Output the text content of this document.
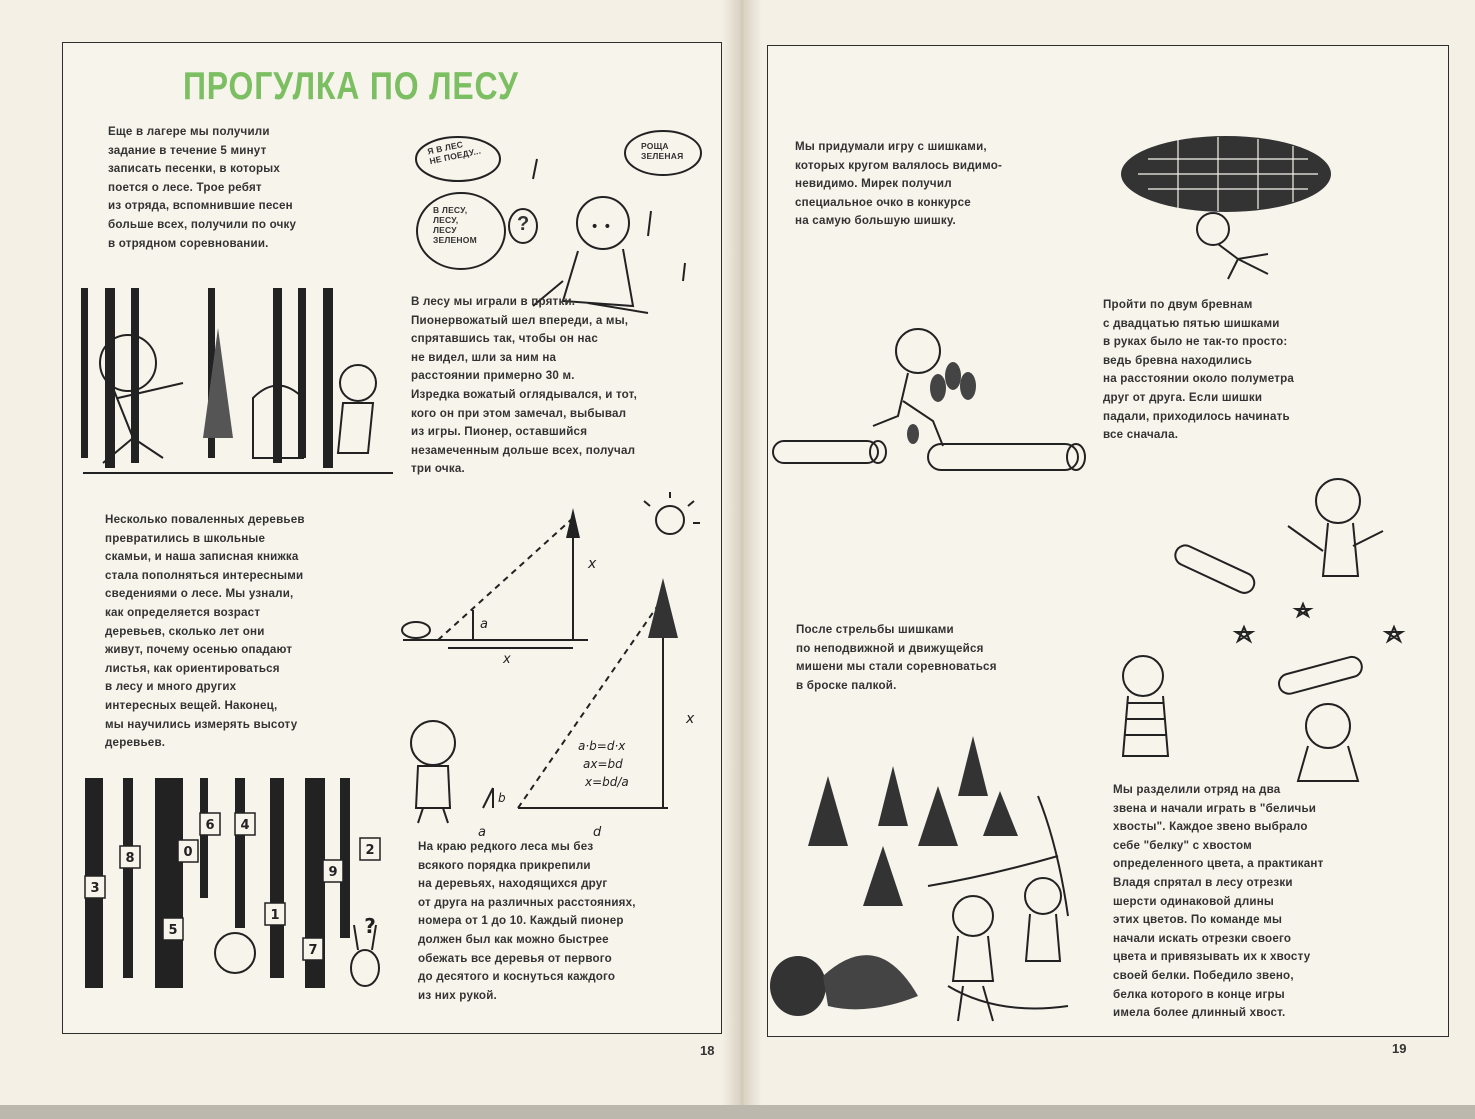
ПРОГУЛКА ПО ЛЕСУ
Еще в лагере мы получили
задание в течение 5 минут
записать песенки, в которых
поется о лесе. Трое ребят
из отряда, вспомнившие песен
больше всех, получили по очку
в отрядном соревновании.
• •
Я В ЛЕС
НЕ ПОЕДУ...	РОЩА
ЗЕЛЕНАЯ
В ЛЕСУ,
ЛЕСУ,
ЛЕСУ
ЗЕЛЕНОМ
?
В лесу мы играли в прятки.
Пионервожатый шел впереди, а мы,
спрятавшись так, чтобы он нас
не видел, шли за ним на
расстоянии примерно 30 м.
Изредка вожатый оглядывался, и тот,
кого он при этом замечал, выбывал
из игры. Пионер, оставшийся
незамеченным дольше всех, получал
три очка.
Несколько поваленных деревьев
превратились в школьные
скамьи, и наша записная книжка
стала пополняться интересными
сведениями о лесе. Мы узнали,
как определяется возраст
деревьев, сколько лет они
живут, почему осенью опадают
листья, как ориентироваться
в лесу и много других
интересных вещей. Наконец,
мы научились измерять высоту
деревьев.
x
a
x
x
b
a	d
a·b=d·x
ax=bd
x=bd/a
3
8
6 4
0	2
9
5
1
7
?
На краю редкого леса мы без
всякого порядка прикрепили
на деревьях, находящихся друг
от друга на различных расстояниях,
номера от 1 до 10. Каждый пионер
должен был как можно быстрее
обежать все деревья от первого
до десятого и коснуться каждого
из них рукой.
18
Мы придумали игру с шишками,
которых кругом валялось видимо-
невидимо. Мирек получил
специальное очко в конкурсе
на самую большую шишку.
Пройти по двум бревнам
с двадцатью пятью шишками
в руках было не так-то просто:
ведь бревна находились
на расстоянии около полуметра
друг от друга. Если шишки
падали, приходилось начинать
все сначала.
После стрельбы шишками
по неподвижной и движущейся
мишени мы стали соревноваться
в броске палкой.
Мы разделили отряд на два
звена и начали играть в "беличьи
хвосты". Каждое звено выбрало
себе "белку" с хвостом
определенного цвета, а практикант
Владя спрятал в лесу отрезки
шерсти одинаковой длины
этих цветов. По команде мы
начали искать отрезки своего
цвета и привязывать их к хвосту
своей белки. Победило звено,
белка которого в конце игры
имела более длинный хвост.
19
